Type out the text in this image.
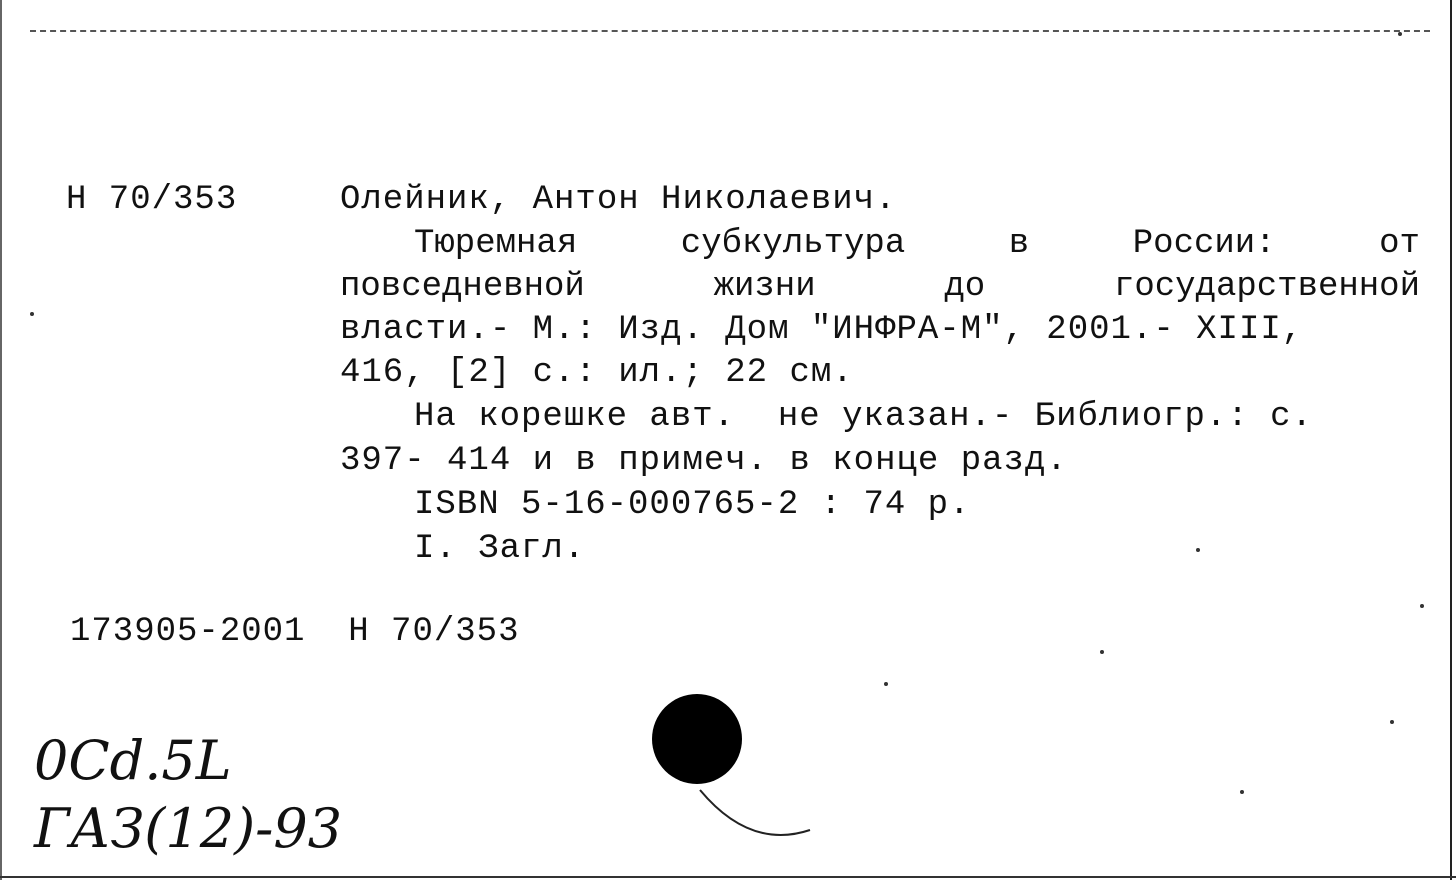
Н 70/353	Олейник, Антон Николаевич.
Тюремная	субкультура	в	России:	от
повседневной	жизни	до	государственной
власти.- М.: Изд. Дом "ИНФРА-М", 2001.- XIII,
416, [2] с.: ил.; 22 см.
На корешке авт.  не указан.- Библиогр.: с.
397- 414 и в примеч. в конце разд.
ISBN 5-16-000765-2 : 74 р.
I. Загл.
173905-2001  Н 70/353
0Сd.5L
ГАЗ(12)-93
